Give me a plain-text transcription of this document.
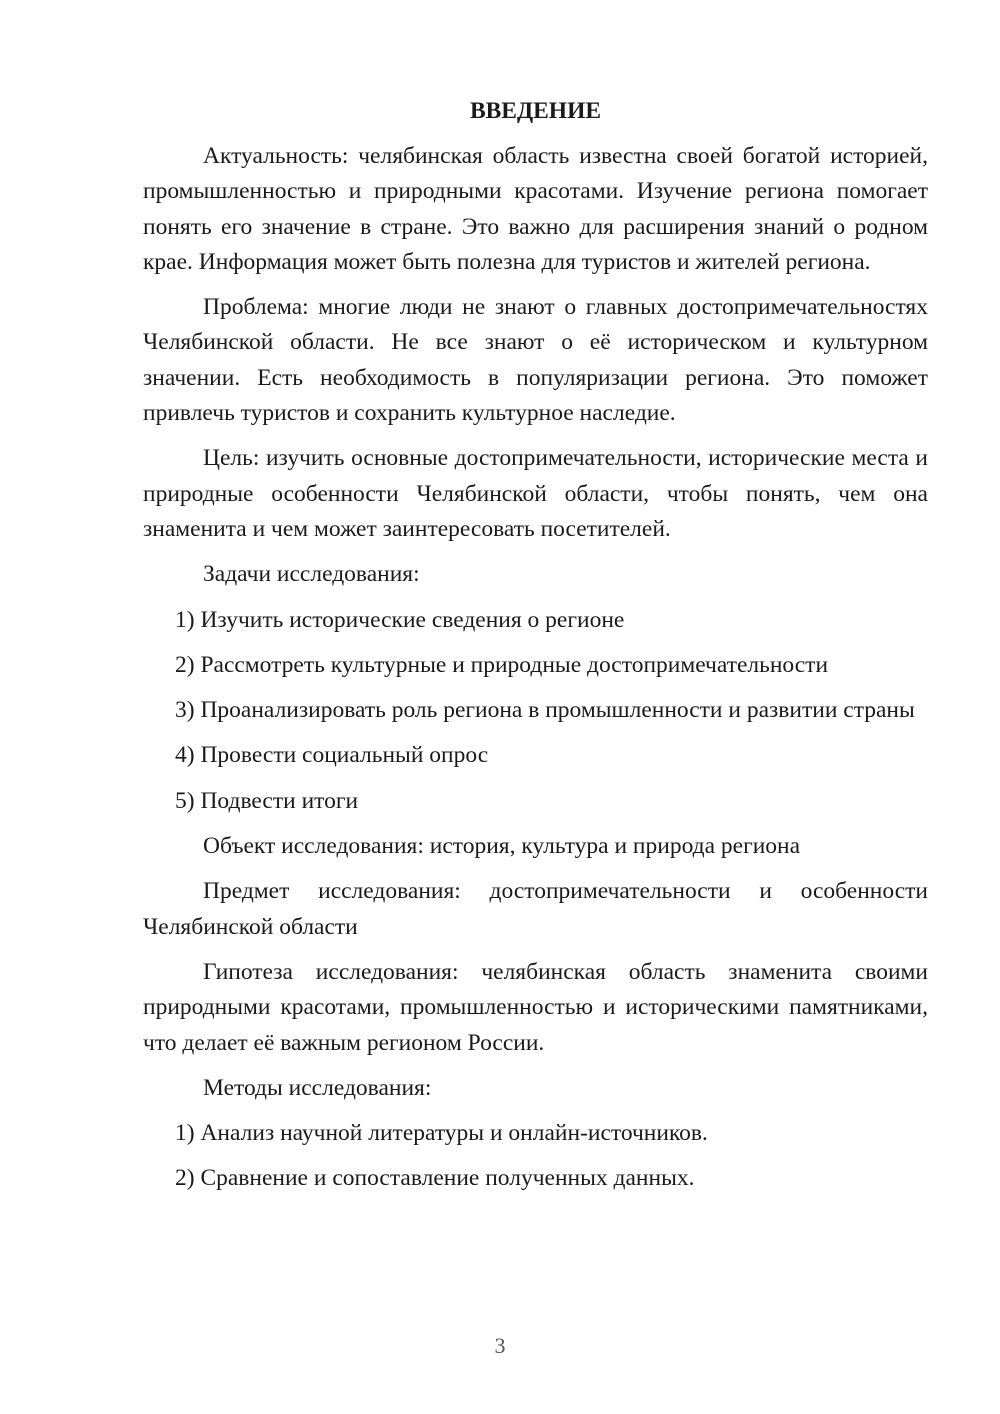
ВВЕДЕНИЕ
Актуальность: челябинская область известна своей богатой историей, промышленностью и природными красотами. Изучение региона помогает понять его значение в стране. Это важно для расширения знаний о родном крае. Информация может быть полезна для туристов и жителей региона.
Проблема: многие люди не знают о главных достопримечательностях Челябинской области. Не все знают о её историческом и культурном значении. Есть необходимость в популяризации региона. Это поможет привлечь туристов и сохранить культурное наследие.
Цель: изучить основные достопримечательности, исторические места и природные особенности Челябинской области, чтобы понять, чем она знаменита и чем может заинтересовать посетителей.
Задачи исследования:
1) Изучить исторические сведения о регионе
2) Рассмотреть культурные и природные достопримечательности
3) Проанализировать роль региона в промышленности и развитии страны
4) Провести социальный опрос
5) Подвести итоги
Объект исследования: история, культура и природа региона
Предмет исследования: достопримечательности и особенности Челябинской области
Гипотеза исследования: челябинская область знаменита своими природными красотами, промышленностью и историческими памятниками, что делает её важным регионом России.
Методы исследования:
1) Анализ научной литературы и онлайн-источников.
2) Сравнение и сопоставление полученных данных.
3
